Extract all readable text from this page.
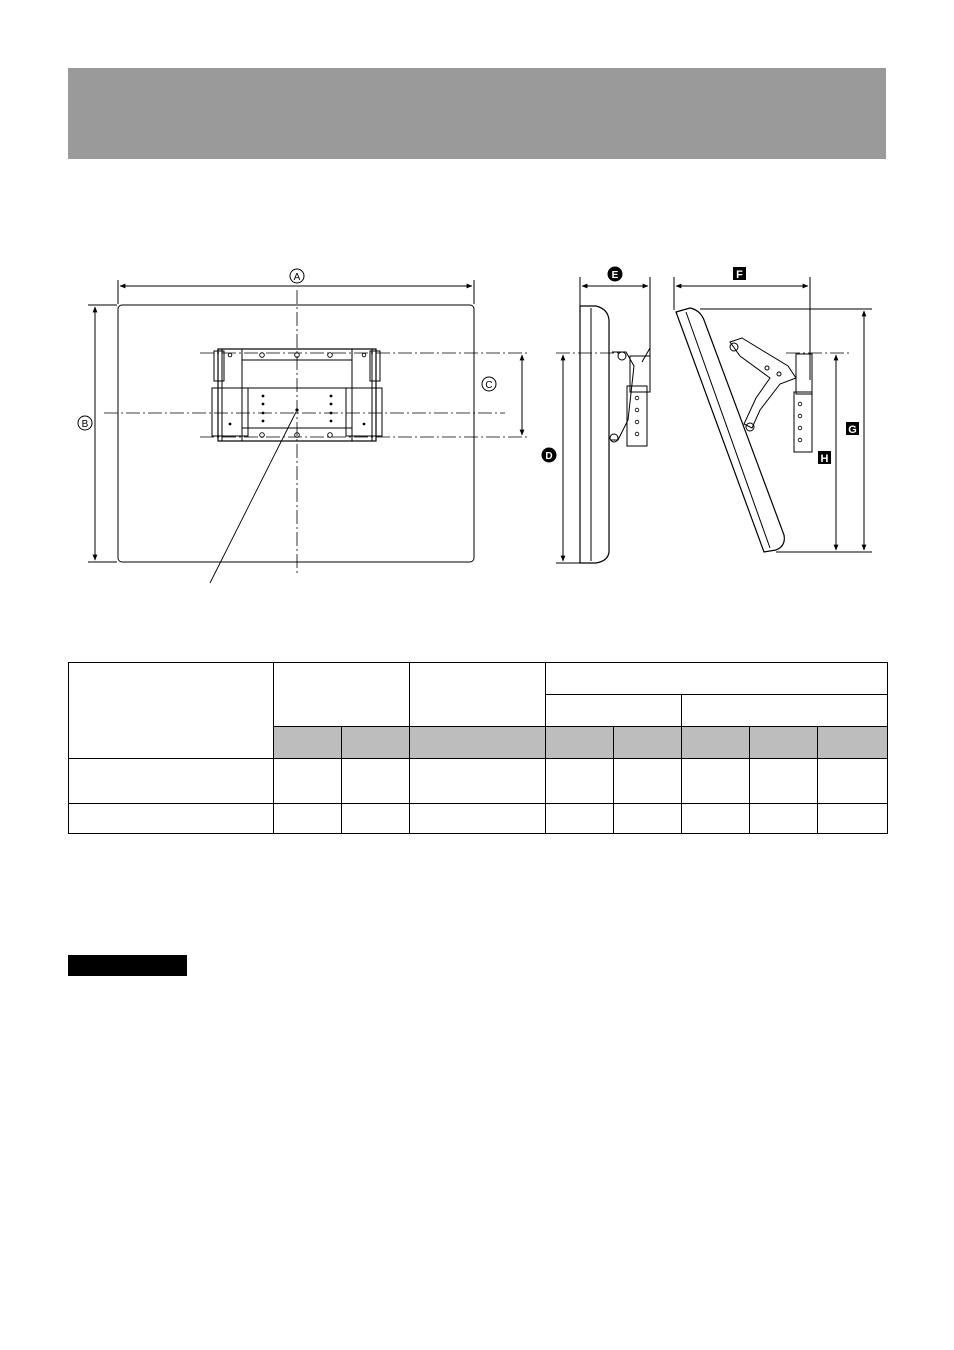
A
B
C
D
E	F
G
H
